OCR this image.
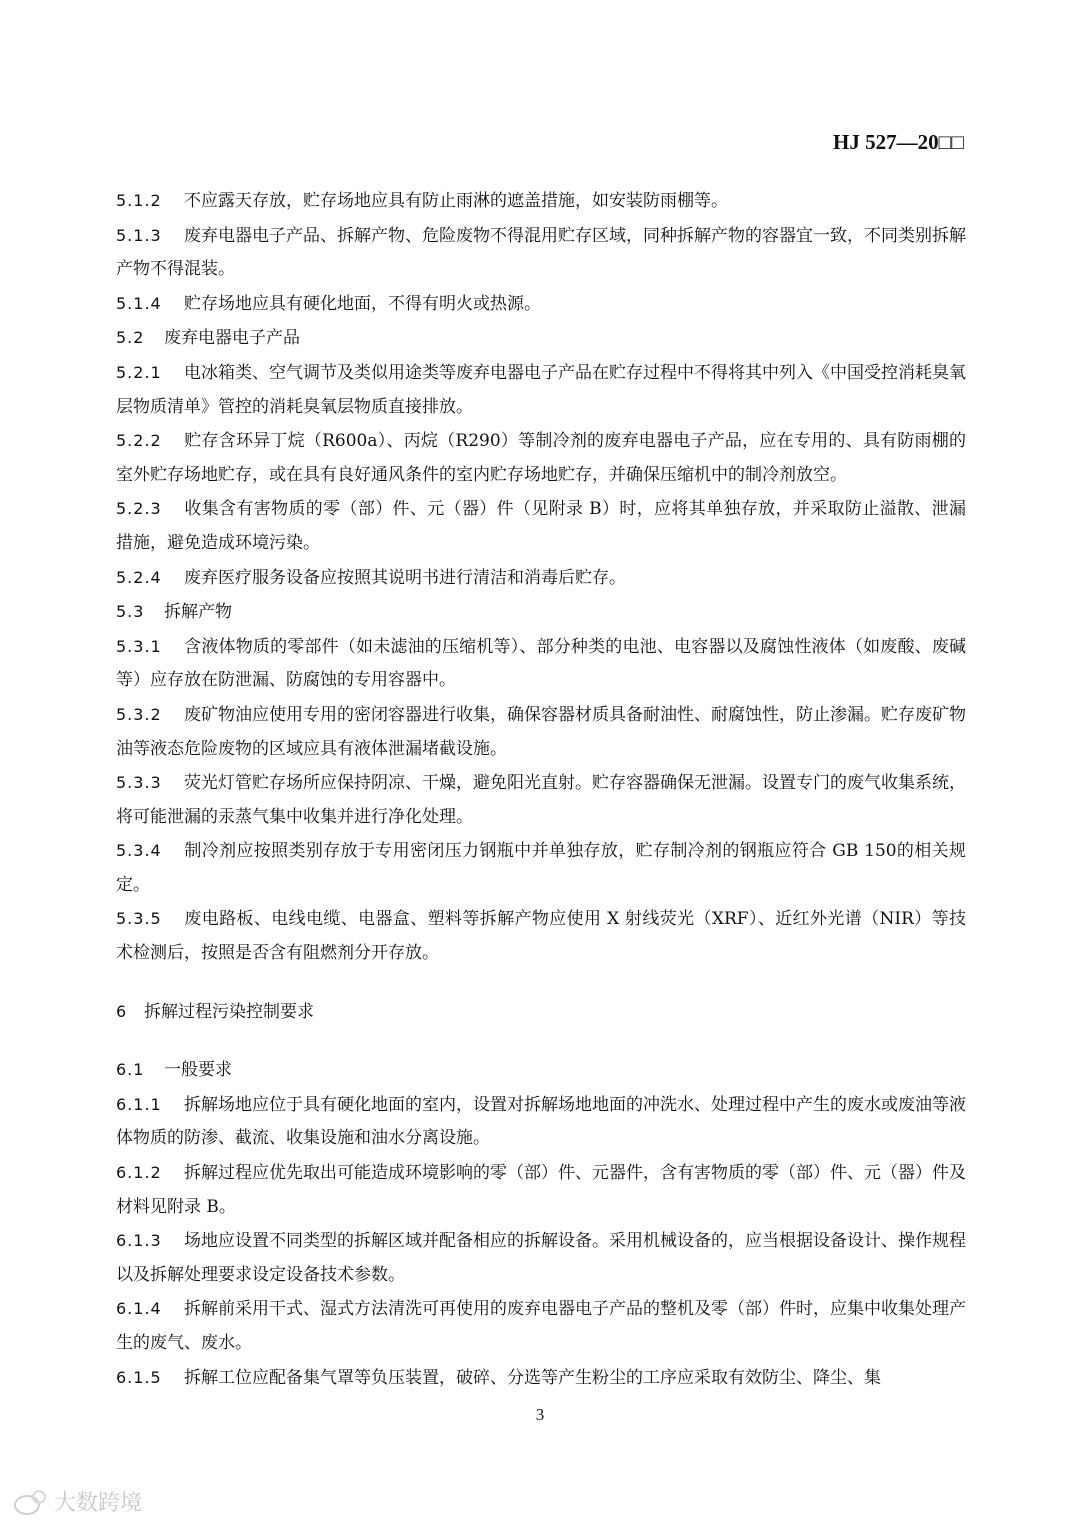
HJ 527—20□□

5.1.2 不应露天存放，贮存场地应具有防止雨淋的遮盖措施，如安装防雨棚等。

5.1.3 废弃电器电子产品、拆解产物、危险废物不得混用贮存区域，同种拆解产物的容器宜一致，不同类别拆解产物不得混装。

5.1.4 贮存场地应具有硬化地面，不得有明火或热源。

5.2 废弃电器电子产品

5.2.1 电冰箱类、空气调节及类似用途类等废弃电器电子产品在贮存过程中不得将其中列入《中国受控消耗臭氧层物质清单》管控的消耗臭氧层物质直接排放。

5.2.2 贮存含环异丁烷（R600a）、丙烷（R290）等制冷剂的废弃电器电子产品，应在专用的、具有防雨棚的室外贮存场地贮存，或在具有良好通风条件的室内贮存场地贮存，并确保压缩机中的制冷剂放空。

5.2.3 收集含有害物质的零（部）件、元（器）件（见附录 B）时，应将其单独存放，并采取防止溢散、泄漏措施，避免造成环境污染。

5.2.4 废弃医疗服务设备应按照其说明书进行清洁和消毒后贮存。

5.3 拆解产物

5.3.1 含液体物质的零部件（如未滤油的压缩机等）、部分种类的电池、电容器以及腐蚀性液体（如废酸、废碱等）应存放在防泄漏、防腐蚀的专用容器中。

5.3.2 废矿物油应使用专用的密闭容器进行收集，确保容器材质具备耐油性、耐腐蚀性，防止渗漏。贮存废矿物油等液态危险废物的区域应具有液体泄漏堵截设施。

5.3.3 荧光灯管贮存场所应保持阴凉、干燥，避免阳光直射。贮存容器确保无泄漏。设置专门的废气收集系统，将可能泄漏的汞蒸气集中收集并进行净化处理。

5.3.4 制冷剂应按照类别存放于专用密闭压力钢瓶中并单独存放，贮存制冷剂的钢瓶应符合 GB 150的相关规定。

5.3.5 废电路板、电线电缆、电器盒、塑料等拆解产物应使用 X 射线荧光（XRF）、近红外光谱（NIR）等技术检测后，按照是否含有阻燃剂分开存放。

6 拆解过程污染控制要求

6.1 一般要求

6.1.1 拆解场地应位于具有硬化地面的室内，设置对拆解场地地面的冲洗水、处理过程中产生的废水或废油等液体物质的防渗、截流、收集设施和油水分离设施。

6.1.2 拆解过程应优先取出可能造成环境影响的零（部）件、元器件，含有害物质的零（部）件、元（器）件及材料见附录 B。

6.1.3 场地应设置不同类型的拆解区域并配备相应的拆解设备。采用机械设备的，应当根据设备设计、操作规程以及拆解处理要求设定设备技术参数。

6.1.4 拆解前采用干式、湿式方法清洗可再使用的废弃电器电子产品的整机及零（部）件时，应集中收集处理产生的废气、废水。

6.1.5 拆解工位应配备集气罩等负压装置，破碎、分选等产生粉尘的工序应采取有效防尘、降尘、集

3
大数跨境
